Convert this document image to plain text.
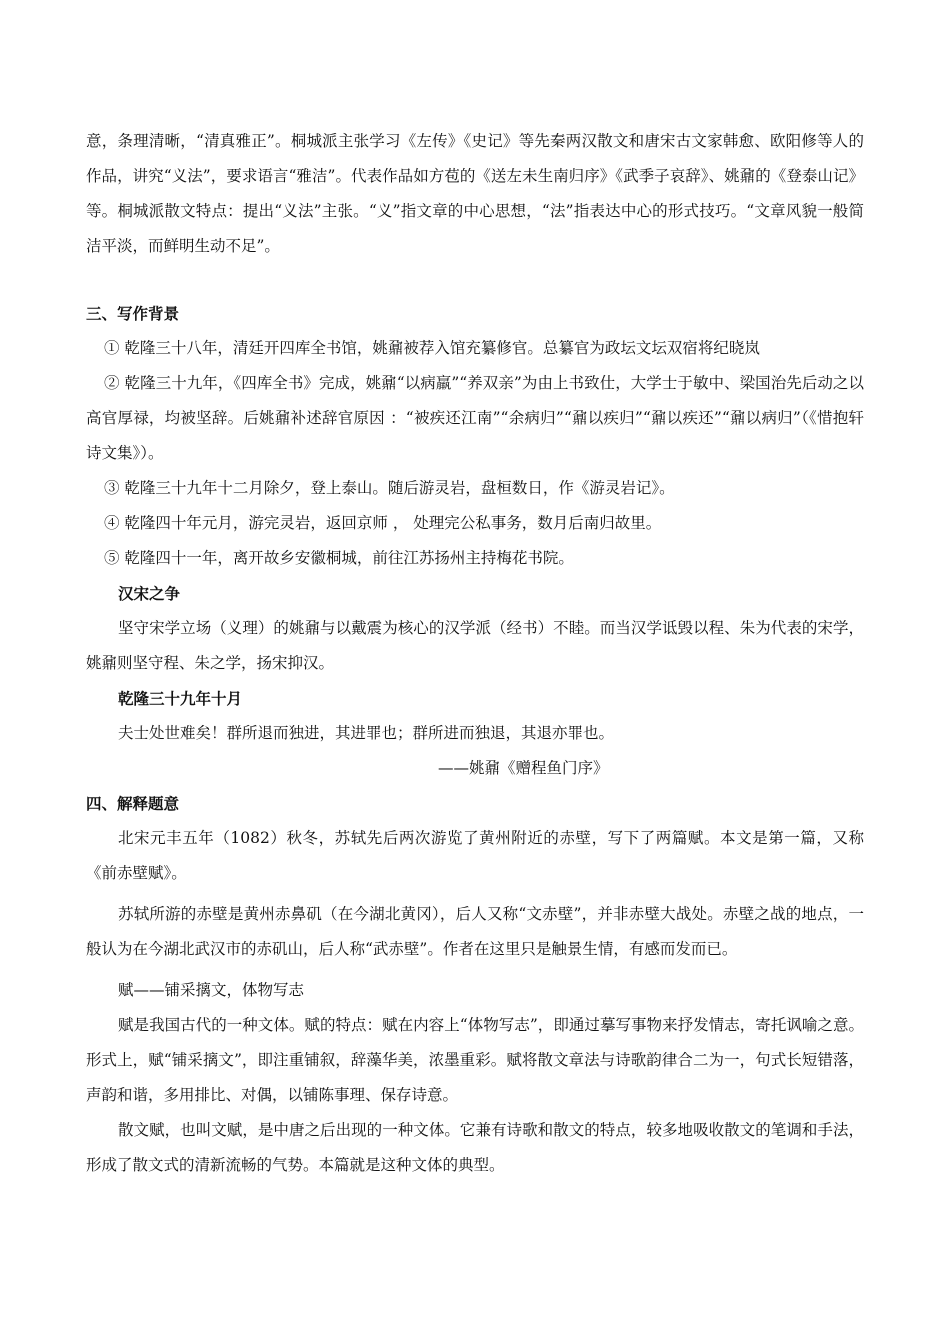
意，条理清晰，“清真雅正”。桐城派主张学习《左传》《史记》等先秦两汉散文和唐宋古文家韩愈、欧阳修等人的作品，讲究“义法”，要求语言“雅洁”。代表作品如方苞的《送左未生南归序》《武季子哀辞》、姚鼐的《登泰山记》等。桐城派散文特点：提出“义法”主张。“义”指文章的中心思想，“法”指表达中心的形式技巧。“文章风貌一般简洁平淡，而鲜明生动不足”。

三、写作背景

① 乾隆三十八年，清廷开四库全书馆，姚鼐被荐入馆充纂修官。总纂官为政坛文坛双宿将纪晓岚

② 乾隆三十九年，《四库全书》完成，姚鼐“以病羸”“养双亲”为由上书致仕，大学士于敏中、梁国治先后动之以高官厚禄，均被坚辞。后姚鼐补述辞官原因 ：“被疾还江南”“余病归”“鼐以疾归”“鼐以疾还”“鼐以病归”（《惜抱轩诗文集》）。

③ 乾隆三十九年十二月除夕，登上泰山。随后游灵岩，盘桓数日，作《游灵岩记》。

④ 乾隆四十年元月，游完灵岩，返回京师 ， 处理完公私事务，数月后南归故里。

⑤ 乾隆四十一年，离开故乡安徽桐城，前往江苏扬州主持梅花书院。

汉宋之争

坚守宋学立场（义理）的姚鼐与以戴震为核心的汉学派（经书）不睦。而当汉学诋毁以程、朱为代表的宋学，姚鼐则坚守程、朱之学，扬宋抑汉。

乾隆三十九年十月

夫士处世难矣！群所退而独进，其进罪也；群所进而独退，其退亦罪也。

——姚鼐《赠程鱼门序》

四、解释题意

北宋元丰五年（1082）秋冬，苏轼先后两次游览了黄州附近的赤壁，写下了两篇赋。本文是第一篇，又称《前赤壁赋》。

苏轼所游的赤壁是黄州赤鼻矶（在今湖北黄冈），后人又称“文赤壁”，并非赤壁大战处。赤壁之战的地点，一般认为在今湖北武汉市的赤矶山，后人称“武赤壁”。作者在这里只是触景生情，有感而发而已。

赋——铺采摛文，体物写志

赋是我国古代的一种文体。赋的特点：赋在内容上“体物写志”，即通过摹写事物来抒发情志，寄托讽喻之意。形式上，赋“铺采摛文”，即注重铺叙，辞藻华美，浓墨重彩。赋将散文章法与诗歌韵律合二为一，句式长短错落，声韵和谐，多用排比、对偶，以铺陈事理、保存诗意。

散文赋，也叫文赋，是中唐之后出现的一种文体。它兼有诗歌和散文的特点，较多地吸收散文的笔调和手法，形成了散文式的清新流畅的气势。本篇就是这种文体的典型。
